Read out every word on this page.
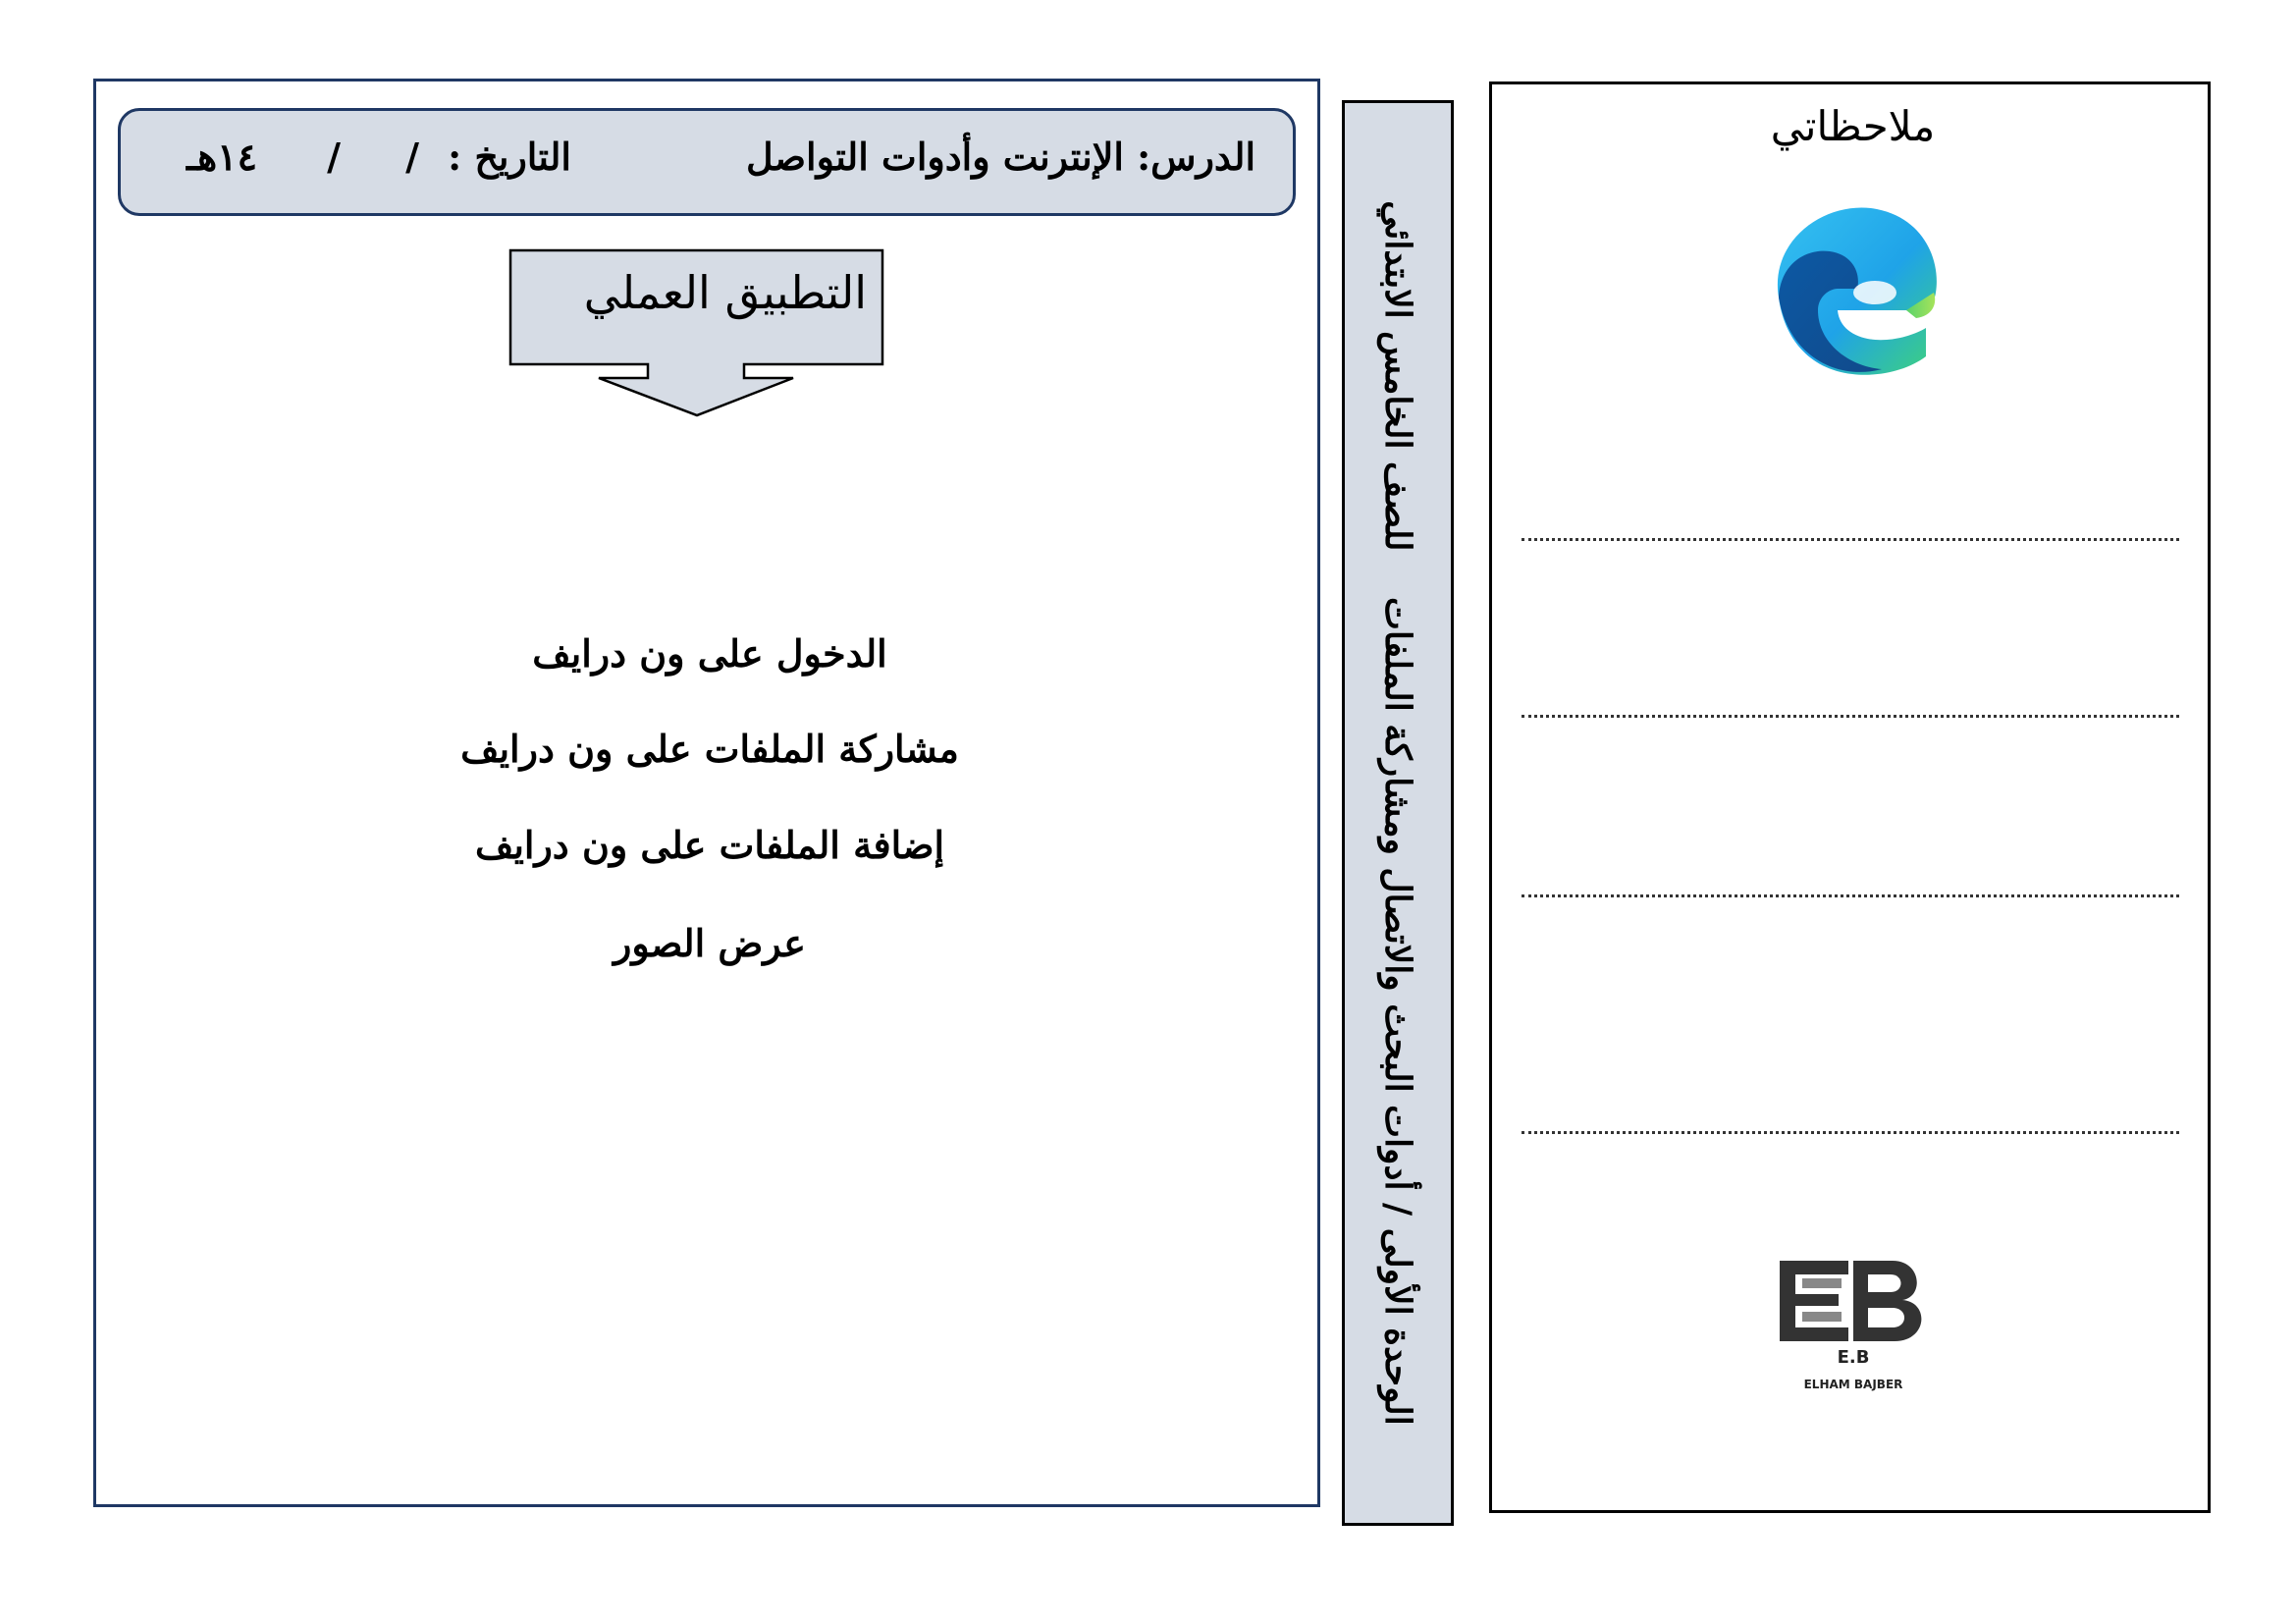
الدرس: الإنترنت وأدوات التواصل
التاريخ :
/
/
١٤هـ
التطبيق العملي
الدخول على ون درايف
مشاركة الملفات على ون درايف
إضافة الملفات على ون درايف
عرض الصور	الوحدة الأولى / أدوات البحث والاتصال ومشاركة الملفات للصف الخامس الابتدائي
ملاحظاتي
E.B
ELHAM BAJBER
